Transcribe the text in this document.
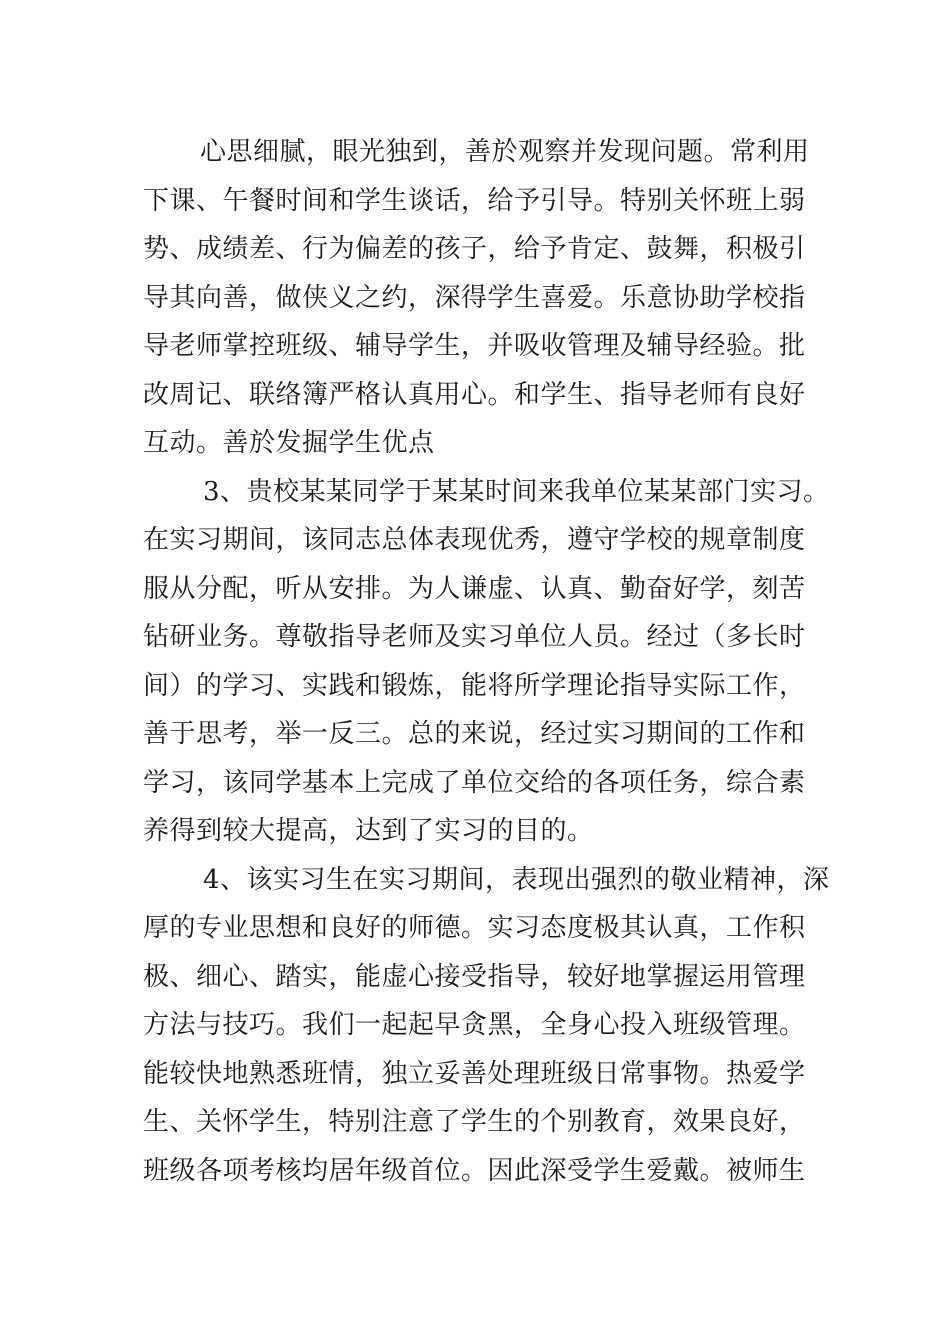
心思细腻，眼光独到，善於观察并发现问题。常利用
下课、午餐时间和学生谈话，给予引导。特别关怀班上弱
势、成绩差、行为偏差的孩子，给予肯定、鼓舞，积极引
导其向善，做侠义之约，深得学生喜爱。乐意协助学校指
导老师掌控班级、辅导学生，并吸收管理及辅导经验。批
改周记、联络簿严格认真用心。和学生、指导老师有良好
互动。善於发掘学生优点
3、贵校某某同学于某某时间来我单位某某部门实习。
在实习期间，该同志总体表现优秀，遵守学校的规章制度
服从分配，听从安排。为人谦虚、认真、勤奋好学，刻苦
钻研业务。尊敬指导老师及实习单位人员。经过（多长时
间）的学习、实践和锻炼，能将所学理论指导实际工作，
善于思考，举一反三。总的来说，经过实习期间的工作和
学习，该同学基本上完成了单位交给的各项任务，综合素
养得到较大提高，达到了实习的目的。
4、该实习生在实习期间，表现出强烈的敬业精神，深
厚的专业思想和良好的师德。实习态度极其认真，工作积
极、细心、踏实，能虚心接受指导，较好地掌握运用管理
方法与技巧。我们一起起早贪黑，全身心投入班级管理。
能较快地熟悉班情，独立妥善处理班级日常事物。热爱学
生、关怀学生，特别注意了学生的个别教育，效果良好，
班级各项考核均居年级首位。因此深受学生爱戴。被师生
